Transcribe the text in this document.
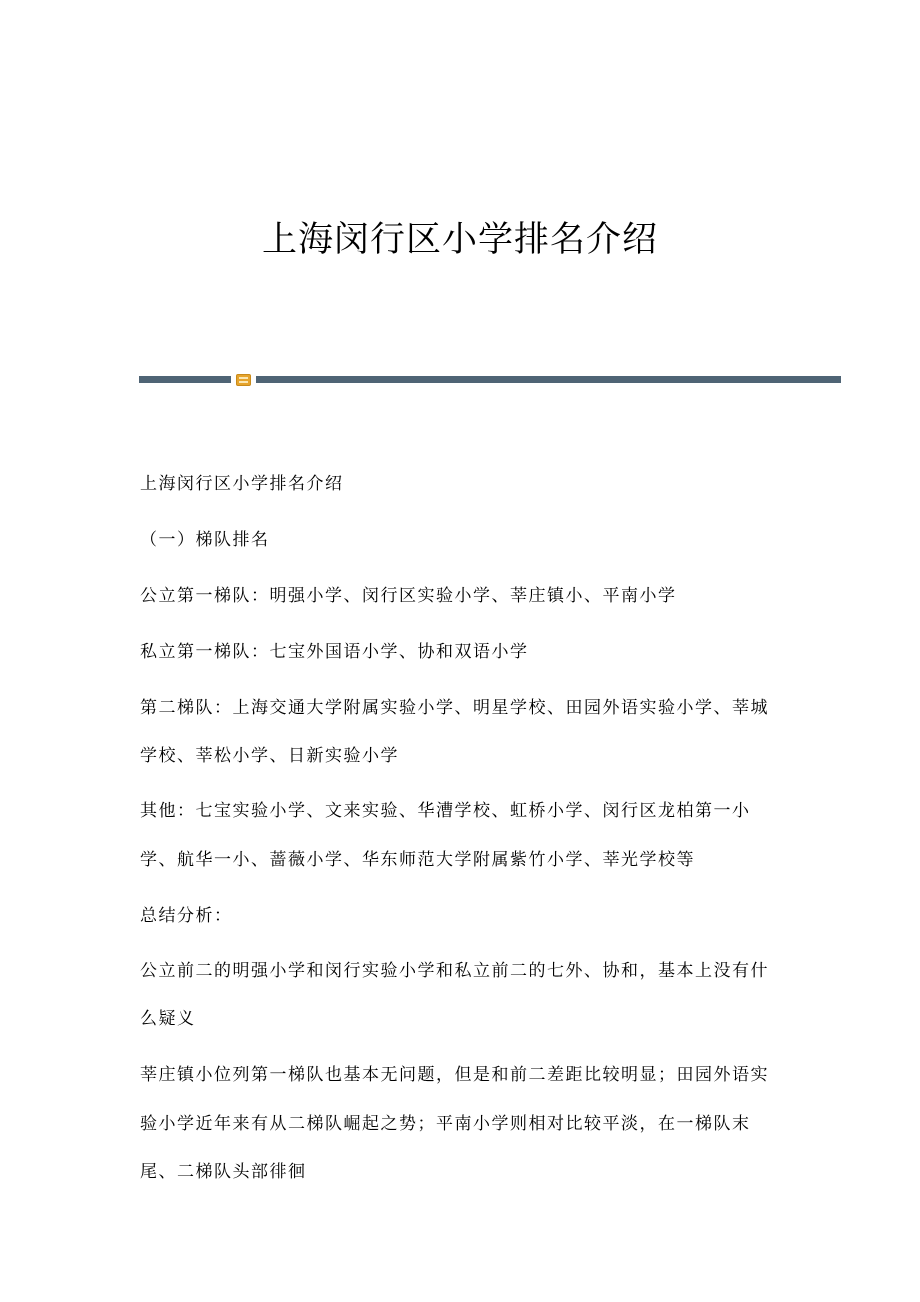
上海闵行区小学排名介绍
上海闵行区小学排名介绍
（一）梯队排名
公立第一梯队：明强小学、闵行区实验小学、莘庄镇小、平南小学
私立第一梯队：七宝外国语小学、协和双语小学
第二梯队：上海交通大学附属实验小学、明星学校、田园外语实验小学、莘城
学校、莘松小学、日新实验小学
其他：七宝实验小学、文来实验、华漕学校、虹桥小学、闵行区龙柏第一小
学、航华一小、蔷薇小学、华东师范大学附属紫竹小学、莘光学校等
总结分析：
公立前二的明强小学和闵行实验小学和私立前二的七外、协和，基本上没有什
么疑义
莘庄镇小位列第一梯队也基本无问题，但是和前二差距比较明显；田园外语实
验小学近年来有从二梯队崛起之势；平南小学则相对比较平淡，在一梯队末
尾、二梯队头部徘徊
